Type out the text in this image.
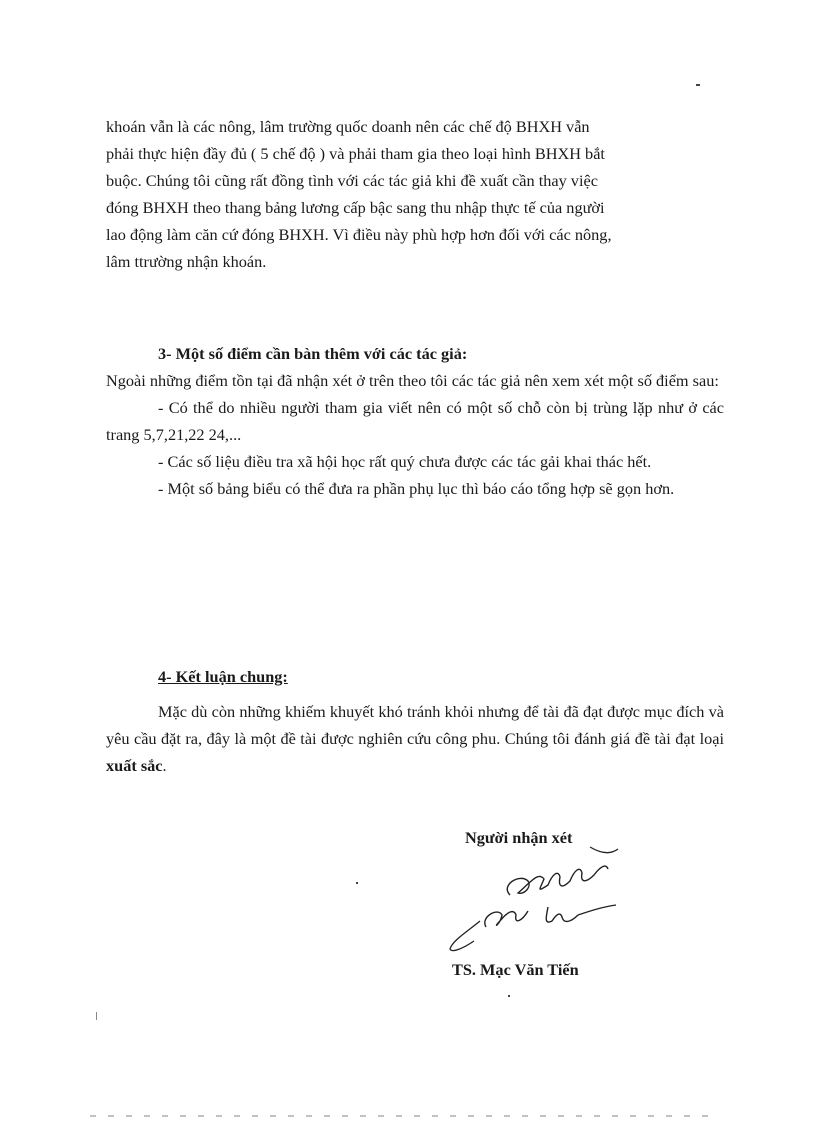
khoán vẫn là các nông, lâm trường quốc doanh nên các chế độ BHXH vẫn

phải thực hiện đầy đủ ( 5 chế độ ) và phải tham gia theo loại hình BHXH bắt

buộc. Chúng tôi cũng rất đồng tình với các tác giả khi đề xuất cần thay việc

đóng BHXH theo thang bảng lương cấp bậc sang thu nhập thực tế của người

lao động làm căn cứ đóng BHXH. Vì điều này phù hợp hơn đối với các nông,

lâm ttrường nhận khoán.

3- Một số điểm cần bàn thêm với các tác giả:

Ngoài những điểm tồn tại đã nhận xét ở trên theo tôi các tác giả nên xem xét một số điểm sau:

- Có thể do nhiều người tham gia viết nên có một số chỗ còn bị trùng lặp như ở các trang 5,7,21,22 24,...

- Các số liệu điều tra xã hội học rất quý chưa được các tác gải khai thác hết.

- Một số bảng biểu có thể đưa ra phần phụ lục thì báo cáo tổng hợp sẽ gọn hơn.

4- Kết luận chung:

Mặc dù còn những khiếm khuyết khó tránh khỏi nhưng để tài đã đạt được mục đích và yêu cầu đặt ra, đây là một đề tài được nghiên cứu công phu. Chúng tôi đánh giá đề tài đạt loại xuất sắc.

Người nhận xét
TS. Mạc Văn Tiến
